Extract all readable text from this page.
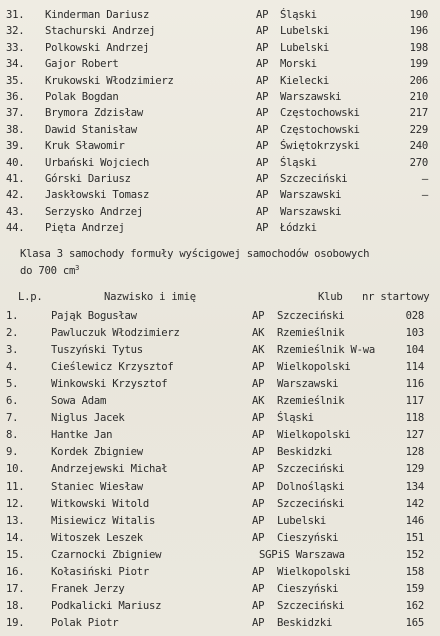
31.	Kinderman Dariusz	AP	Śląski	190
32.	Stachurski Andrzej	AP	Lubelski	196
33.	Polkowski Andrzej	AP	Lubelski	198
34.	Gajor Robert	AP	Morski	199
35.	Krukowski Włodzimierz	AP	Kielecki	206
36.	Polak Bogdan	AP	Warszawski	210
37.	Brymora Zdzisław	AP	Częstochowski	217
38.	Dawid Stanisław	AP	Częstochowski	229
39.	Kruk Sławomir	AP	Świętokrzyski	240
40.	Urbański Wojciech	AP	Śląski	270
41.	Górski Dariusz	AP	Szczeciński	–
42.	Jaskłowski Tomasz	AP	Warszawski	–
43.	Serzysko Andrzej	AP	Warszawski
44.	Pięta Andrzej	AP	Łódzki
Klasa 3 samochody formuły wyścigowej samochodów osobowych
do 700 $cm^3$
L.p.	Nazwisko i imię	Klub nr startowy
1.	Pająk Bogusław	AP	Szczeciński	028
2.	Pawluczuk Włodzimierz	AK	Rzemieślnik	103
3.	Tuszyński Tytus	AK	Rzemieślnik W-wa	104
4.	Cieślewicz Krzysztof	AP	Wielkopolski	114
5.	Winkowski Krzysztof	AP	Warszawski	116
6.	Sowa Adam	AK	Rzemieślnik	117
7.	Niglus Jacek	AP	Śląski	118
8.	Hantke Jan	AP	Wielkopolski	127
9.	Kordek Zbigniew	AP	Beskidzki	128
10.	Andrzejewski Michał	AP	Szczeciński	129
11.	Staniec Wiesław	AP	Dolnośląski	134
12.	Witkowski Witold	AP	Szczeciński	142
13.	Misiewicz Witalis	AP	Lubelski	146
14.	Witoszek Leszek	AP	Cieszyński	151
15.	Czarnocki Zbigniew	SGPiS Warszawa	152
16.	Kołasiński Piotr	AP	Wielkopolski	158
17.	Franek Jerzy	AP	Cieszyński	159
18.	Podkalicki Mariusz	AP	Szczeciński	162
19.	Polak Piotr	AP	Beskidzki	165
